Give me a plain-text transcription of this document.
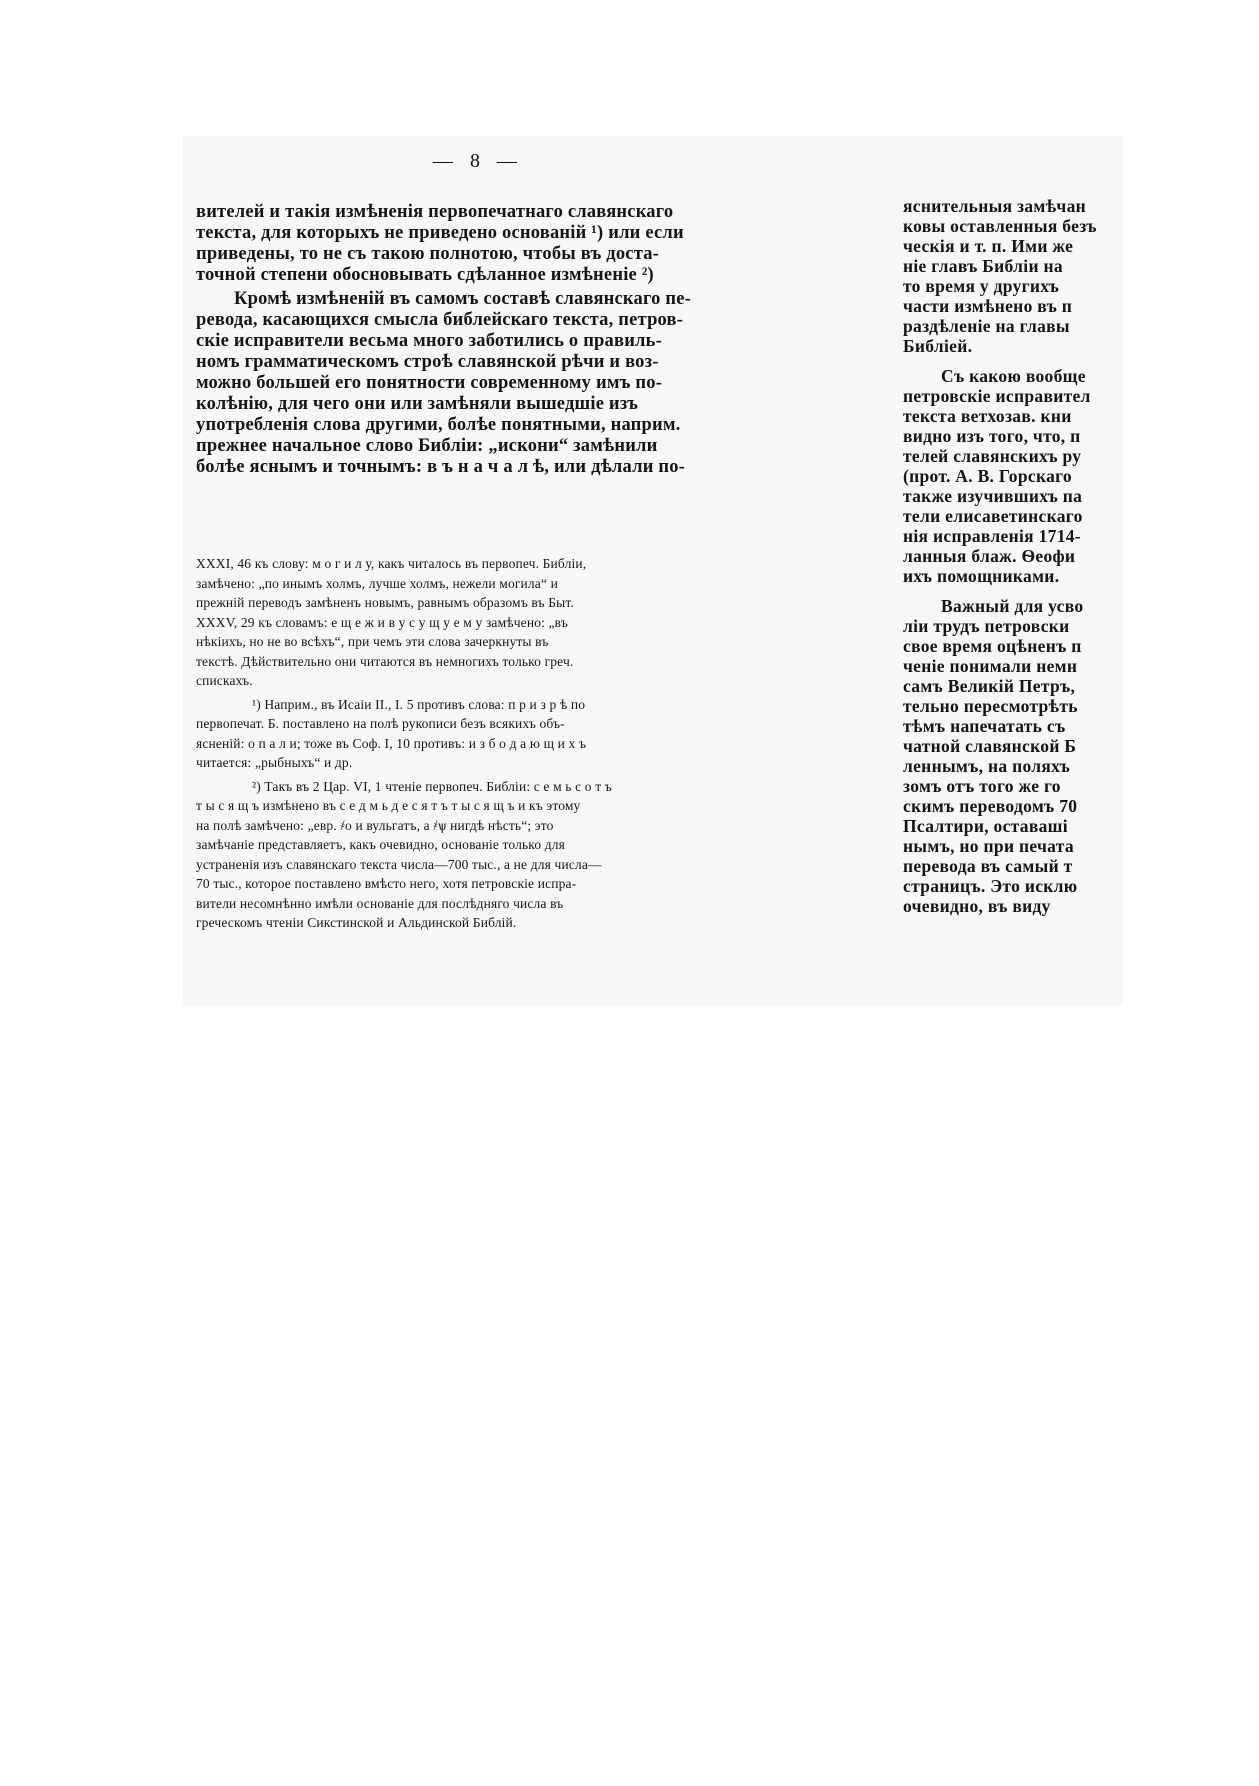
— 8 —
вителей и такія измѣненія первопечатнаго славянскаго
текста, для которыхъ не приведено основаній ¹) или если
приведены, то не съ такою полнотою, чтобы въ доста-
точной степени обосновывать сдѣланное измѣненіе ²)
Кромѣ измѣненій въ самомъ составѣ славянскаго пе-
ревода, касающихся смысла библейскаго текста, петров-
скіе исправители весьма много заботились о правиль-
номъ грамматическомъ строѣ славянской рѣчи и воз-
можно большей его понятности современному имъ по-
колѣнію, для чего они или замѣняли вышедшіе изъ
употребленія слова другими, болѣе понятными, наприм.
прежнее начальное слово Библіи: „искони“ замѣнили
болѣе яснымъ и точнымъ: в ъ н а ч а л ѣ, или дѣлали по-
XXXI, 46 къ слову: м о г и л у, какъ читалось въ первопеч. Библіи,
замѣчено: „по инымъ холмъ, лучше холмъ, нежели могила“ и
прежній переводъ замѣненъ новымъ, равнымъ образомъ въ Быт.
XXXV, 29 къ словамъ: е щ е ж и в у с у щ у е м у замѣчено: „въ
нѣкіихъ, но не во всѣхъ“, при чемъ эти слова зачеркнуты въ
текстѣ. Дѣйствительно они читаются въ немногихъ только греч.
спискахъ.
¹) Наприм., въ Исаіи II., I. 5 противъ слова: п р и з р ѣ по
первопечат. Б. поставлено на полѣ рукописи безъ всякихъ объ-
ясненій: о п а л и; тоже въ Соф. I, 10 противъ: и з б о д а ю щ и х ъ
читается: „рыбныхъ“ и др.
²) Такъ въ 2 Цар. VI, 1 чтеніе первопеч. Библіи: с е м ь с о т ъ
т ы с я щ ъ измѣнено въ с е д м ь д е с я т ъ т ы с я щ ъ и къ этому
на полѣ замѣчено: „евр. ҂о и вульгатъ, а ҂ѱ нигдѣ нѣсть“; это
замѣчаніе представляетъ, какъ очевидно, основаніе только для
устраненія изъ славянскаго текста числа—700 тыс., а не для числа—
70 тыс., которое поставлено вмѣсто него, хотя петровскіе испра-
вители несомнѣнно имѣли основаніе для послѣдняго числа въ
греческомъ чтеніи Сикстинской и Альдинской Библій.
яснительныя замѣчан
ковы оставленныя безъ
ческія и т. п. Ими же
ніе главъ Библіи на
то время у другихъ
части измѣнено въ п
раздѣленіе на главы
Библіей.
Съ какою вообще
петровскіе исправител
текста ветхозав. кни
видно изъ того, что, п
телей славянскихъ ру
(прот. А. В. Горскаго
также изучившихъ па
тели елисаветинскаго
нія исправленія 1714-
ланныя блаж. Ѳеофи
ихъ помощниками.
Важный для усво
ліи трудъ петровски
свое время оцѣненъ п
ченіе понимали немн
самъ Великій Петръ,
тельно пересмотрѣть
тѣмъ напечатать съ
чатной славянской Б
леннымъ, на поляхъ
зомъ отъ того же го
скимъ переводомъ 70
Псалтири, оставаші
нымъ, но при печата
перевода въ самый т
страницъ. Это исклю
очевидно, въ виду
